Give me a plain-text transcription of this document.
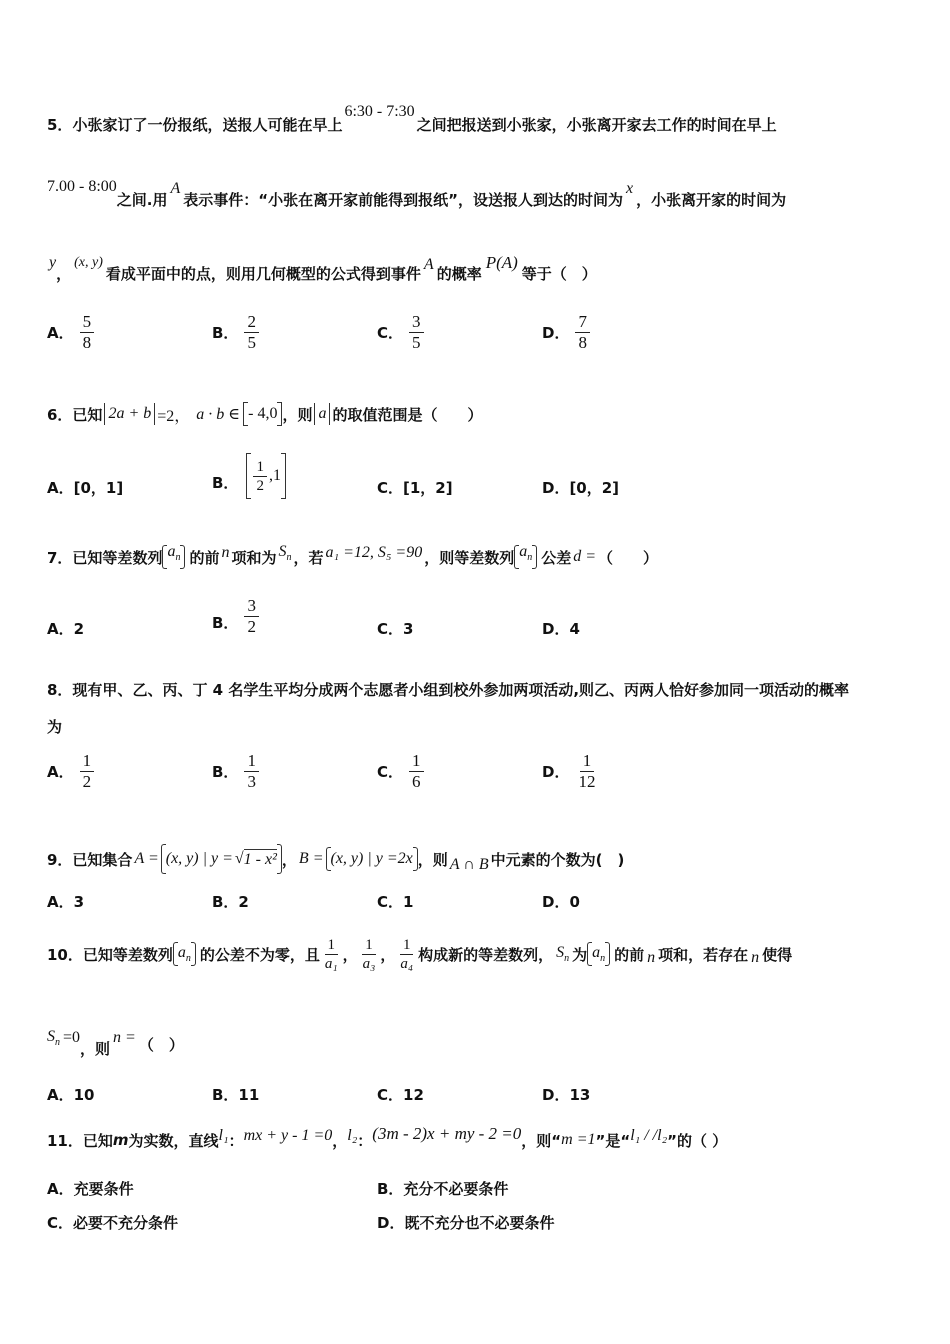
5． 小张家订了一份报纸，送报人可能在早上
6:30 - 7:30
之间把报送到小张家，小张离开家去工作的时间在早上
7.00 - 8:00
之间.用
A
表示事件：“小张在离开家前能得到报纸”，设送报人到达的时间为
x
，小张离开家的时间为
y
，
(x, y)
看成平面中的点，则用几何概型的公式得到事件 A 的概率
P(A)
等于（　）
A． $\frac{5}{8}$	B． $\frac{2}{5}$	C． $\frac{3}{5}$	D． $\frac{7}{8}$
6．已知 2a + b =2， a · b ∈ - 4,0 ，则 a 的取值范围是（　　）
A．[0，1]	B． $\frac{1}{2} ,1$
C．[1，2]	D．[0，2]
7．已知等差数列 $a_n$ 的前 n 项和为 $S_n$ ，若 a₁ =12, S₅ =90 ，则等差数列 $a_n$ 公差 d = （　　）
A．2	B． $\frac{3}{2}$	C．3	D．4
8．现有甲、乙、丙、丁 4 名学生平均分成两个志愿者小组到校外参加两项活动,则乙、丙两人恰好参加同一项活动的概率
为
A． $\frac{1}{2}$	B． $\frac{1}{3}$	C． $\frac{1}{6}$	D． $\frac{1}{12}$
9．已知集合 A = (x, y) | y = √ 1 - x² ， B = (x, y) | y =2x ，则 A ∩ B 中元素的个数为(　)
A．3	B．2	C．1	D．0
10．已知等差数列 $a_n$ 的公差不为零，且 $\frac{1}{\text{a₁}}$ ， $\frac{1}{\text{a₃}}$ ， $\frac{1}{\text{a₄}}$ 构成新的等差数列， $S_n$ 为 $a_n$ 的前 n 项和，若存在 n 使得
$S_n =0$
，则
n = （　）
A．10	B．11	C．12	D．13
11．已知 m 为实数，直线 l₁ ： mx + y - 1 =0 ， l₂ ： (3m - 2)x + my - 2 =0 ，则“ m =1 ”是“ l₁ / /l₂ ”的（ ）
A．充要条件	B．充分不必要条件
C．必要不充分条件	D．既不充分也不必要条件
